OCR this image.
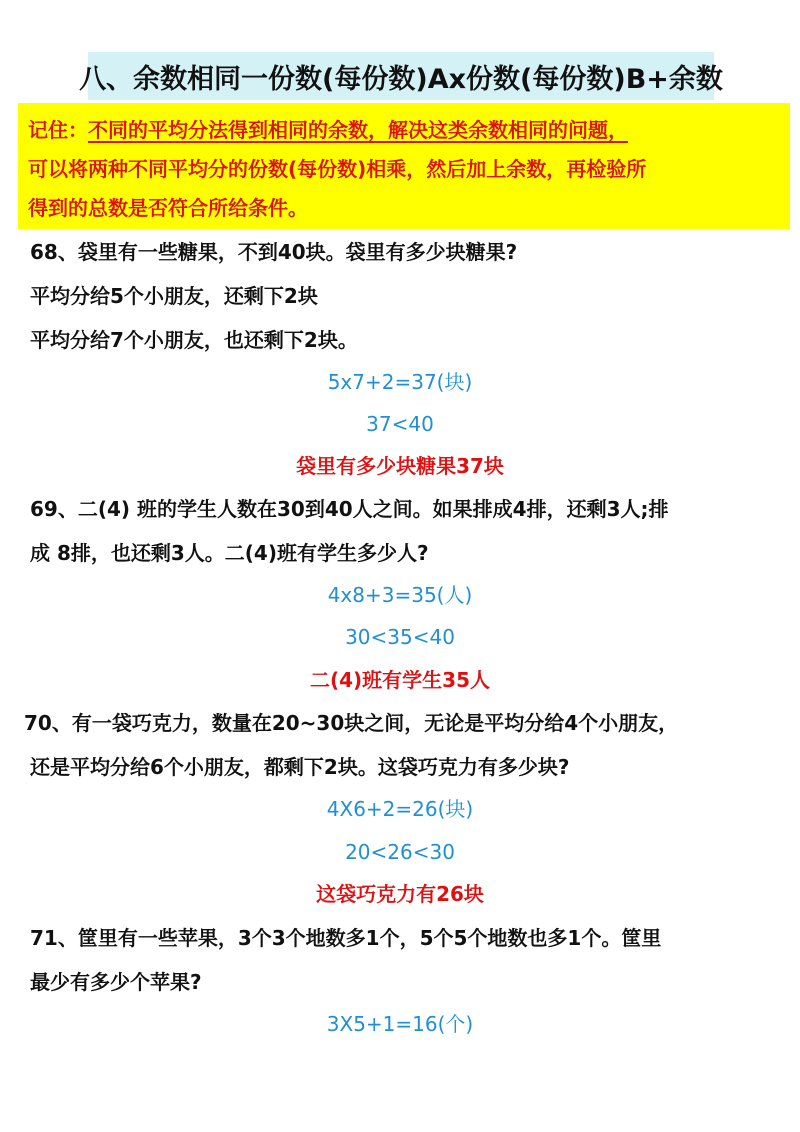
八、余数相同一份数(每份数)Ax份数(每份数)B+余数
记住：不同的平均分法得到相同的余数，解决这类余数相同的问题，
可以将两种不同平均分的份数(每份数)相乘，然后加上余数，再检验所
得到的总数是否符合所给条件。
68、袋里有一些糖果，不到40块。袋里有多少块糖果?
平均分给5个小朋友，还剩下2块
平均分给7个小朋友，也还剩下2块。
5x7+2=37(块)
37<40
袋里有多少块糖果37块
69、二(4) 班的学生人数在30到40人之间。如果排成4排，还剩3人;排
成 8排，也还剩3人。二(4)班有学生多少人?
4x8+3=35(人)
30<35<40
二(4)班有学生35人
70、有一袋巧克力，数量在20~30块之间，无论是平均分给4个小朋友，
还是平均分给6个小朋友，都剩下2块。这袋巧克力有多少块?
4X6+2=26(块)
20<26<30
这袋巧克力有26块
71、筐里有一些苹果，3个3个地数多1个，5个5个地数也多1个。筐里
最少有多少个苹果?
3X5+1=16(个)
